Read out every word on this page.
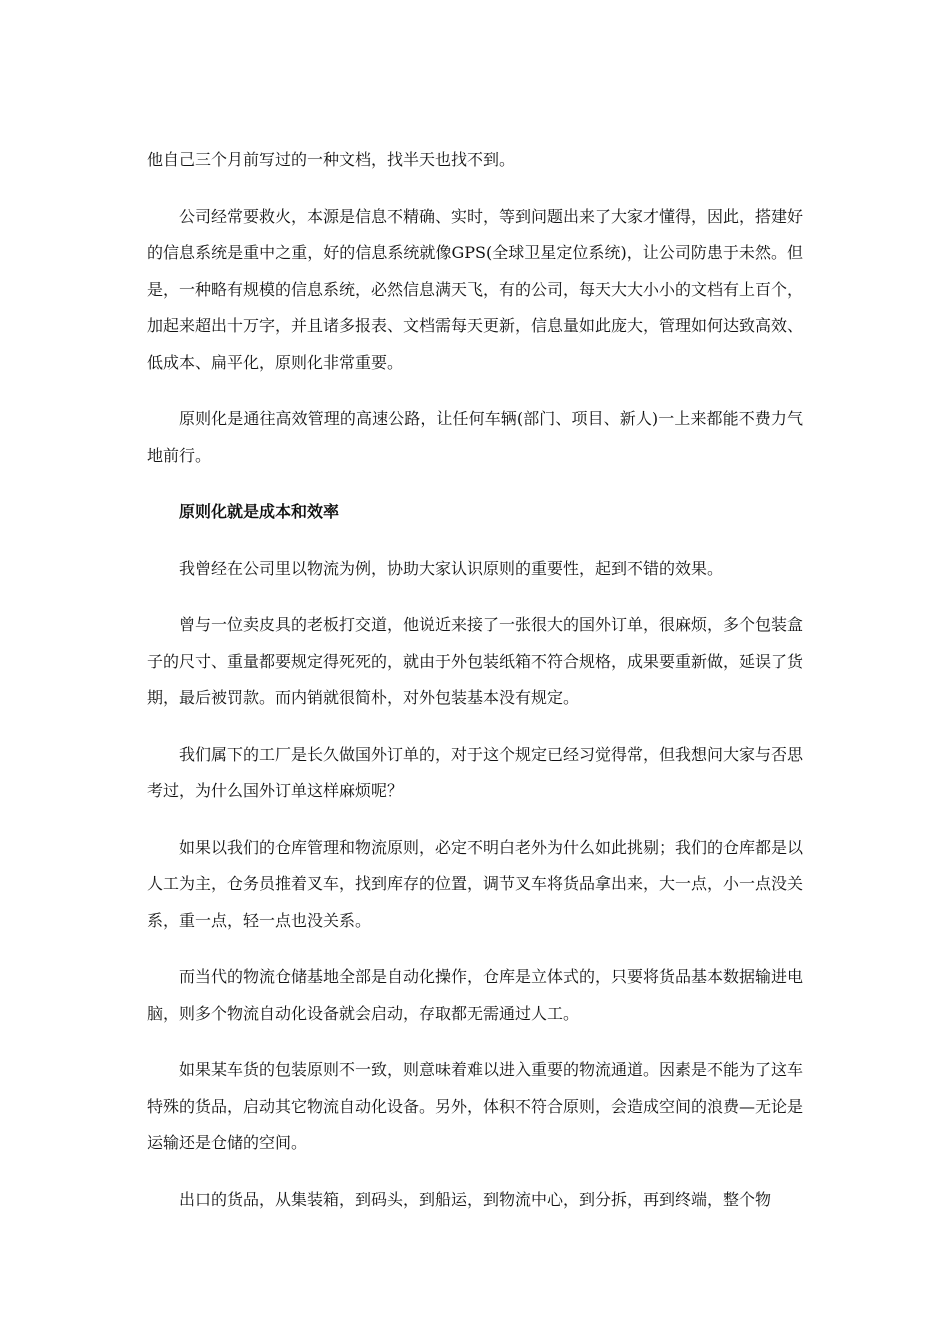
他自己三个月前写过的一种文档，找半天也找不到。

公司经常要救火，本源是信息不精确、实时，等到问题出来了大家才懂得，因此，搭建好的信息系统是重中之重，好的信息系统就像GPS(全球卫星定位系统)，让公司防患于未然。但是，一种略有规模的信息系统，必然信息满天飞，有的公司，每天大大小小的文档有上百个，加起来超出十万字，并且诸多报表、文档需每天更新，信息量如此庞大，管理如何达致高效、低成本、扁平化，原则化非常重要。

原则化是通往高效管理的高速公路，让任何车辆(部门、项目、新人)一上来都能不费力气地前行。

原则化就是成本和效率

我曾经在公司里以物流为例，协助大家认识原则的重要性，起到不错的效果。

曾与一位卖皮具的老板打交道，他说近来接了一张很大的国外订单，很麻烦，多个包装盒子的尺寸、重量都要规定得死死的，就由于外包装纸箱不符合规格，成果要重新做，延误了货期，最后被罚款。而内销就很简朴，对外包装基本没有规定。

我们属下的工厂是长久做国外订单的，对于这个规定已经习觉得常，但我想问大家与否思考过，为什么国外订单这样麻烦呢？

如果以我们的仓库管理和物流原则，必定不明白老外为什么如此挑剔；我们的仓库都是以人工为主，仓务员推着叉车，找到库存的位置，调节叉车将货品拿出来，大一点，小一点没关系，重一点，轻一点也没关系。

而当代的物流仓储基地全部是自动化操作，仓库是立体式的，只要将货品基本数据输进电脑，则多个物流自动化设备就会启动，存取都无需通过人工。

如果某车货的包装原则不一致，则意味着难以进入重要的物流通道。因素是不能为了这车特殊的货品，启动其它物流自动化设备。另外，体积不符合原则，会造成空间的浪费—无论是运输还是仓储的空间。

出口的货品，从集装箱，到码头，到船运，到物流中心，到分拆，再到终端，整个物
